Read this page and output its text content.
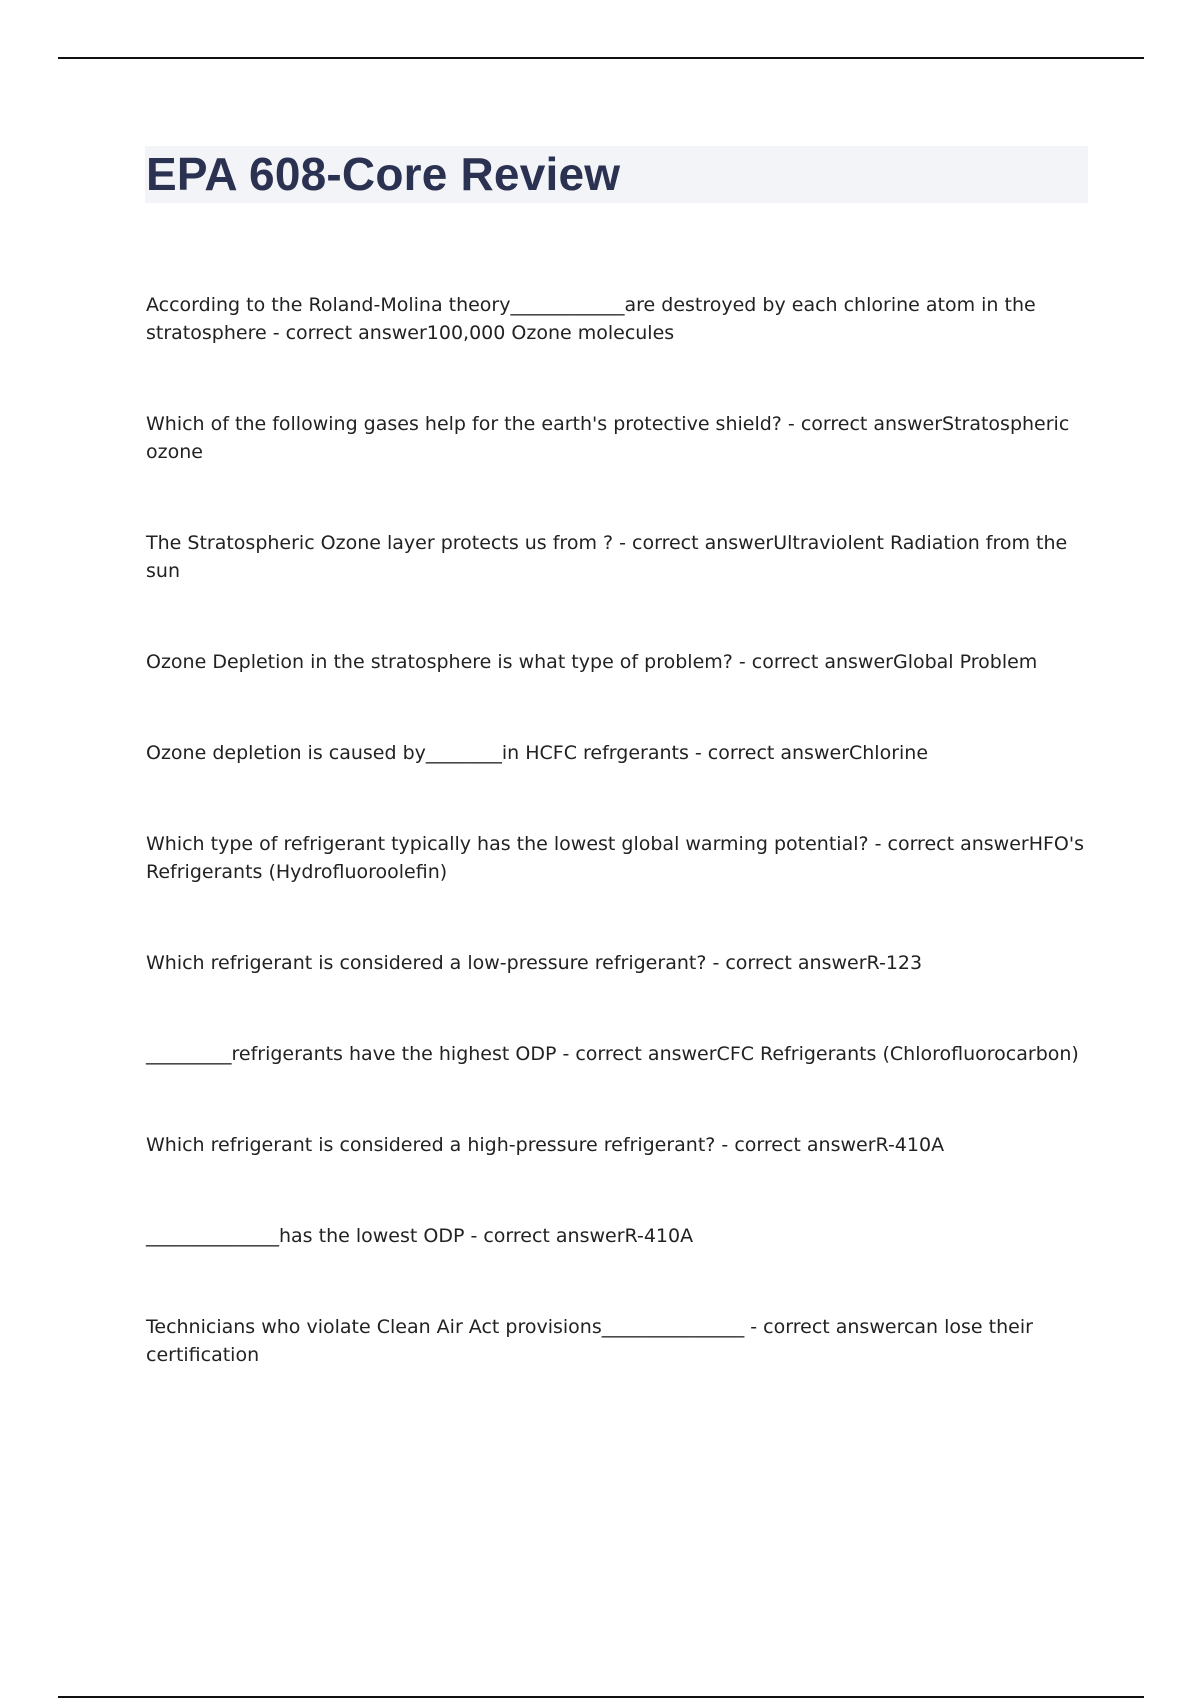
EPA 608-Core Review

According to the Roland-Molina theory____________are destroyed by each chlorine atom in the stratosphere - correct answer100,000 Ozone molecules

Which of the following gases help for the earth's protective shield? - correct answerStratospheric ozone

The Stratospheric Ozone layer protects us from ? - correct answerUltraviolent Radiation from the sun

Ozone Depletion in the stratosphere is what type of problem? - correct answerGlobal Problem

Ozone depletion is caused by________in HCFC refrgerants - correct answerChlorine

Which type of refrigerant typically has the lowest global warming potential? - correct answerHFO's Refrigerants (Hydrofluoroolefin)

Which refrigerant is considered a low-pressure refrigerant? - correct answerR-123

_________refrigerants have the highest ODP - correct answerCFC Refrigerants (Chlorofluorocarbon)

Which refrigerant is considered a high-pressure refrigerant? - correct answerR-410A

______________has the lowest ODP - correct answerR-410A

Technicians who violate Clean Air Act provisions_______________ - correct answercan lose their certification
